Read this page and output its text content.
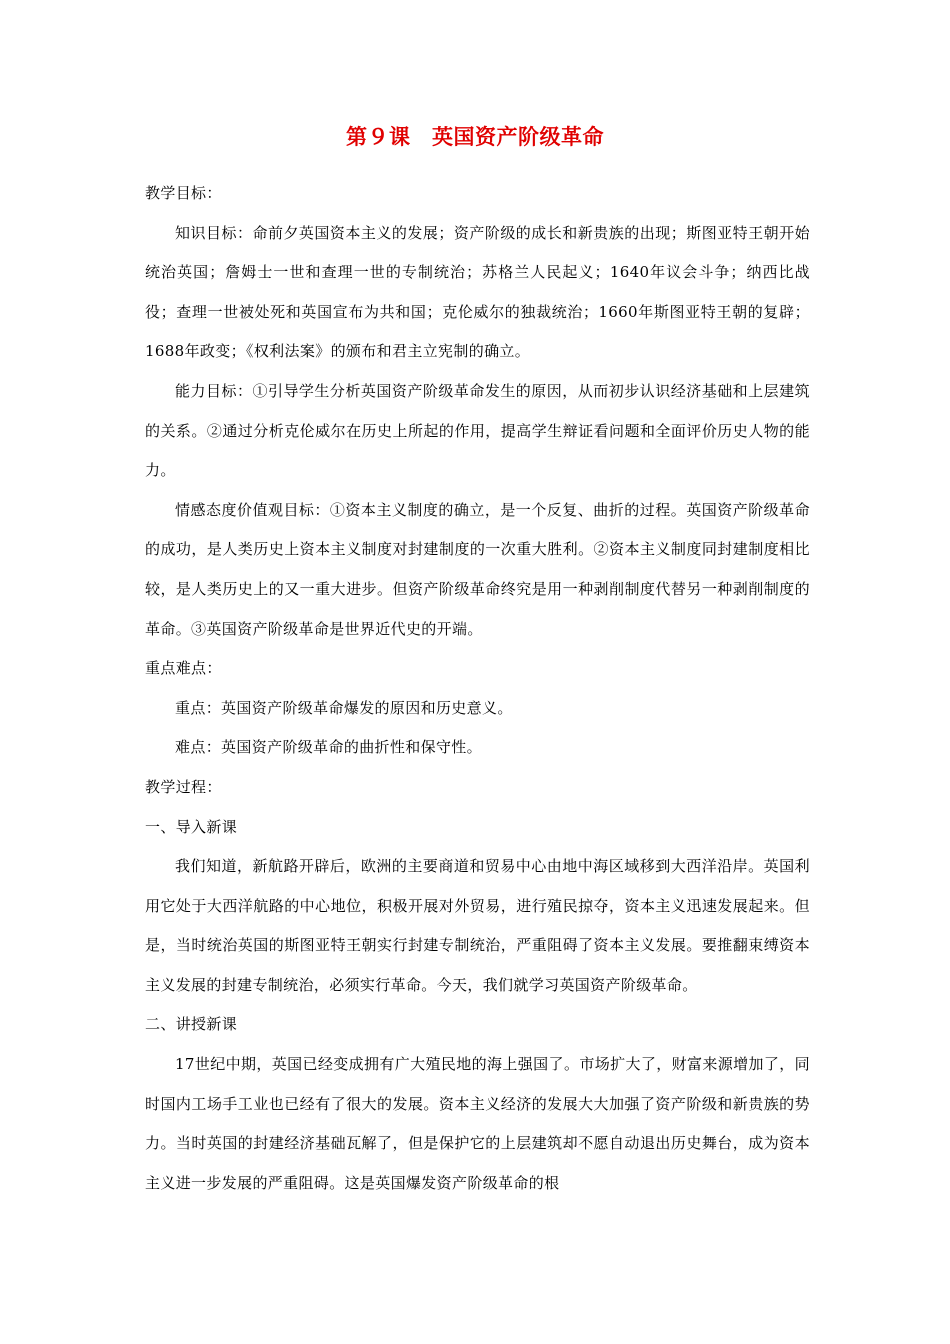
第９课　英国资产阶级革命

教学目标：

知识目标：命前夕英国资本主义的发展；资产阶级的成长和新贵族的出现；斯图亚特王朝开始统治英国；詹姆士一世和查理一世的专制统治；苏格兰人民起义；1640年议会斗争；纳西比战役；查理一世被处死和英国宣布为共和国；克伦威尔的独裁统治；1660年斯图亚特王朝的复辟；1688年政变；《权利法案》的颁布和君主立宪制的确立。

能力目标：①引导学生分析英国资产阶级革命发生的原因，从而初步认识经济基础和上层建筑的关系。②通过分析克伦威尔在历史上所起的作用，提高学生辩证看问题和全面评价历史人物的能力。

情感态度价值观目标：①资本主义制度的确立，是一个反复、曲折的过程。英国资产阶级革命的成功，是人类历史上资本主义制度对封建制度的一次重大胜利。②资本主义制度同封建制度相比较，是人类历史上的又一重大进步。但资产阶级革命终究是用一种剥削制度代替另一种剥削制度的革命。③英国资产阶级革命是世界近代史的开端。

重点难点：

重点：英国资产阶级革命爆发的原因和历史意义。

难点：英国资产阶级革命的曲折性和保守性。

教学过程：

一、导入新课

我们知道，新航路开辟后，欧洲的主要商道和贸易中心由地中海区域移到大西洋沿岸。英国利用它处于大西洋航路的中心地位，积极开展对外贸易，进行殖民掠夺，资本主义迅速发展起来。但是，当时统治英国的斯图亚特王朝实行封建专制统治，严重阻碍了资本主义发展。要推翻束缚资本主义发展的封建专制统治，必须实行革命。今天，我们就学习英国资产阶级革命。

二、讲授新课

17世纪中期，英国已经变成拥有广大殖民地的海上强国了。市场扩大了，财富来源增加了，同时国内工场手工业也已经有了很大的发展。资本主义经济的发展大大加强了资产阶级和新贵族的势力。当时英国的封建经济基础瓦解了，但是保护它的上层建筑却不愿自动退出历史舞台，成为资本主义进一步发展的严重阻碍。这是英国爆发资产阶级革命的根
